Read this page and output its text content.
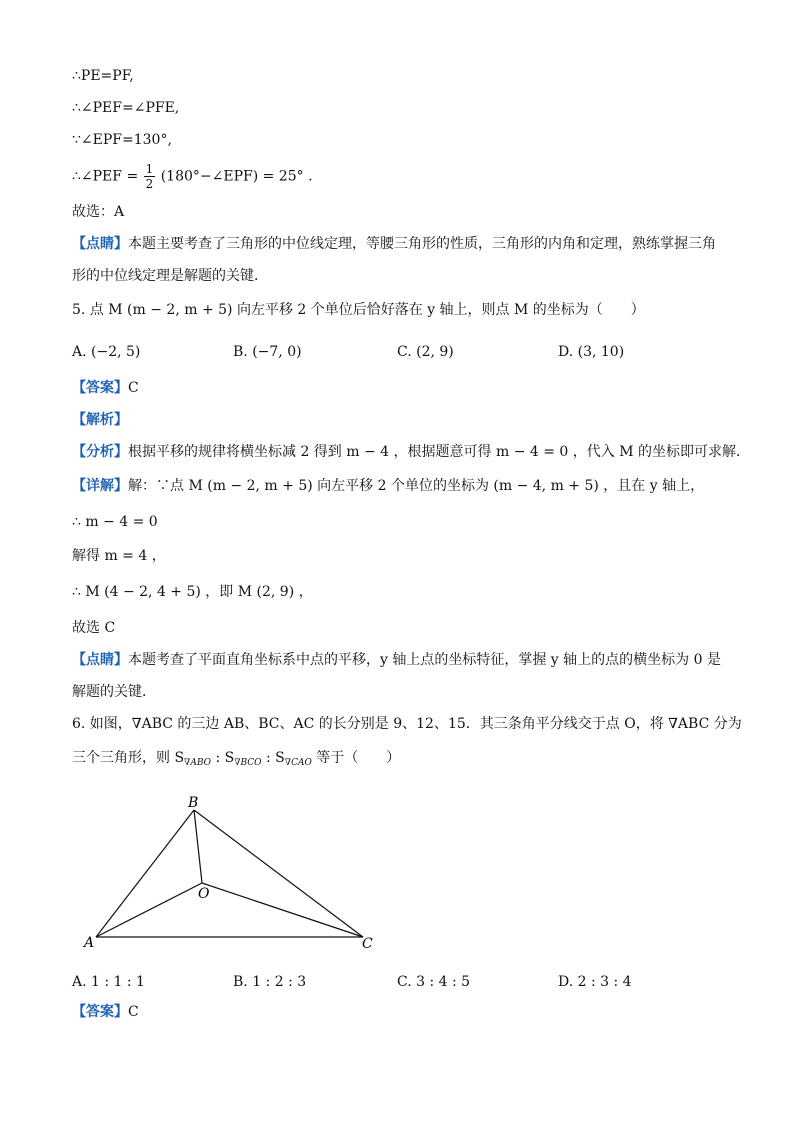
∴PE=PF,
∴∠PEF=∠PFE,
∵∠EPF=130°,
∴∠PEF = $\frac{1}{2}$ (180°−∠EPF) = 25° .
故选：A
【点睛】本题主要考查了三角形的中位线定理，等腰三角形的性质，三角形的内角和定理，熟练掌握三角
形的中位线定理是解题的关键．
5. 点 M (m − 2, m + 5) 向左平移 2 个单位后恰好落在 y 轴上，则点 M 的坐标为（　　）
A. (−2, 5)	B. (−7, 0)	C. (2, 9)	D. (3, 10)
【答案】C
【解析】
【分析】根据平移的规律将横坐标减 2 得到 m − 4 ，根据题意可得 m − 4 = 0 ，代入 M 的坐标即可求解．
【详解】解：∵点 M (m − 2, m + 5) 向左平移 2 个单位的坐标为 (m − 4, m + 5) ，且在 y 轴上，
∴ m − 4 = 0
解得 m = 4 ，
∴ M (4 − 2, 4 + 5) ，即 M (2, 9) ，
故选 C
【点睛】本题考查了平面直角坐标系中点的平移，y 轴上点的坐标特征，掌握 y 轴上的点的横坐标为 0 是
解题的关键．
6. 如图，∇ABC 的三边 AB、BC、AC 的长分别是 9、12、15．其三条角平分线交于点 O，将 ∇ABC 分为
三个三角形，则 $S_{\nabla ABO}$ : $S_{\nabla BCO}$ : $S_{\nabla CAO}$ 等于（　　）
A
B
C
O
A. 1 : 1 : 1	B. 1 : 2 : 3	C. 3 : 4 : 5	D. 2 : 3 : 4
【答案】C
